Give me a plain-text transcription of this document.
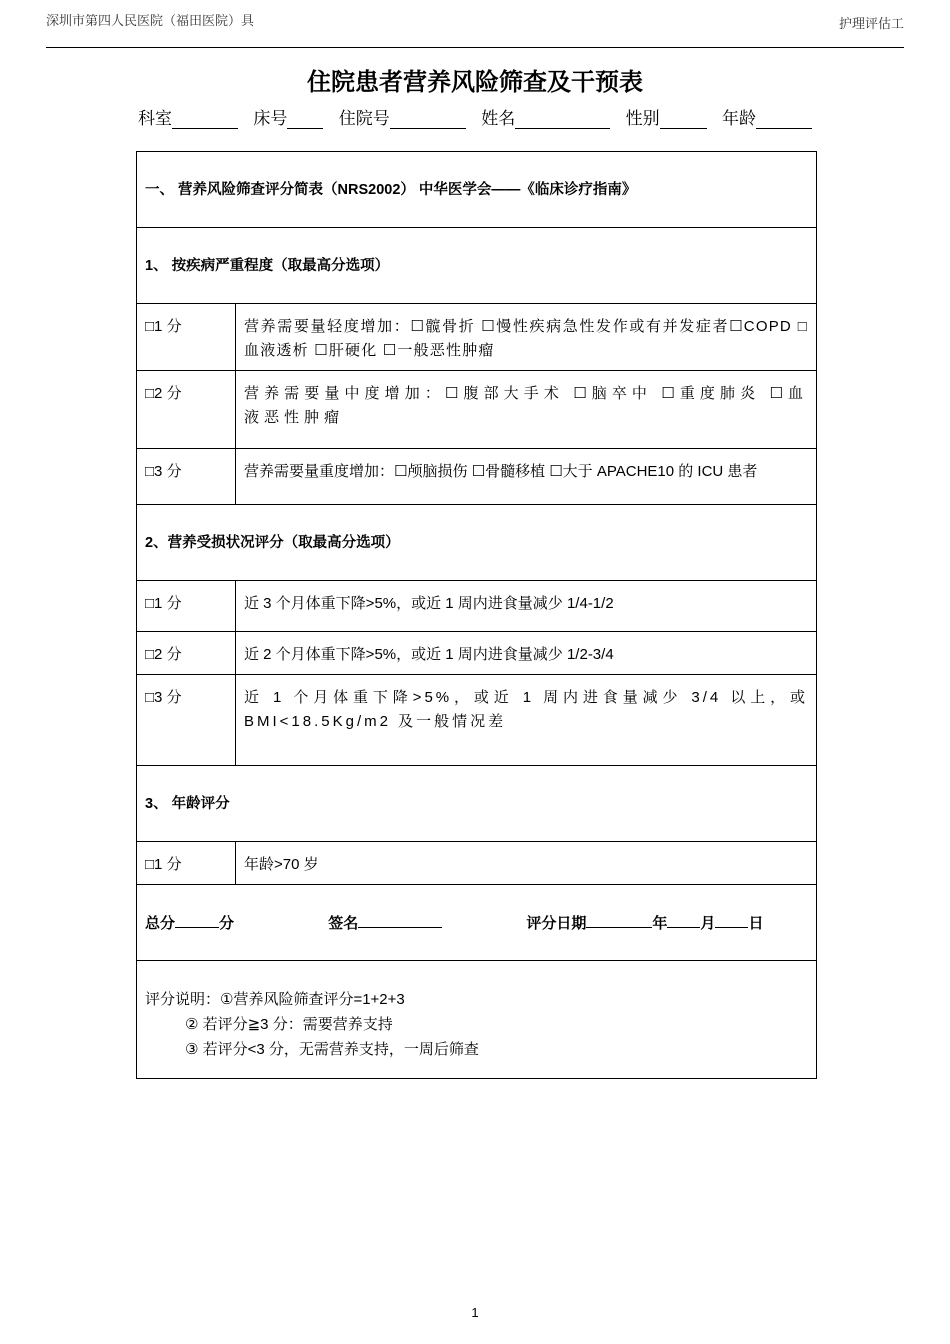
深圳市第四人民医院（福田医院）具	护理评估工
住院患者营养风险筛查及干预表
科室	床号	住院号	姓名	性别	年龄
一、 营养风险筛查评分简表（NRS2002） 中华医学会——《临床诊疗指南》	
1、 按疾病严重程度（取最高分选项）	
□1 分	营养需要量轻度增加：☐髋骨折 ☐慢性疾病急性发作或有并发症者☐COPD □血液透析 ☐肝硬化 ☐一般恶性肿瘤
□2 分	营养需要量中度增加：☐腹部大手术 ☐脑卒中 ☐重度肺炎 ☐血液恶性肿瘤
□3 分	营养需要量重度增加：☐颅脑损伤 ☐骨髓移植 ☐大于 APACHE10 的 ICU 患者
2、营养受损状况评分（取最高分选项）	
□1 分	近 3 个月体重下降>5%，或近 1 周内进食量减少 1/4-1/2
□2 分	近 2 个月体重下降>5%，或近 1 周内进食量减少 1/2-3/4
□3 分	近 1 个月体重下降>5%，或近 1 周内进食量减少 3/4 以上，或BMI<18.5Kg/m2 及一般情况差
3、 年龄评分	
□1 分	年龄>70 岁
总分 分 签名 评分日期 年 月 日	

评分说明：①营养风险筛查评分=1+2+3
② 若评分≧3 分：需要营养支持
③ 若评分<3 分，无需营养支持，一周后筛查	
1
